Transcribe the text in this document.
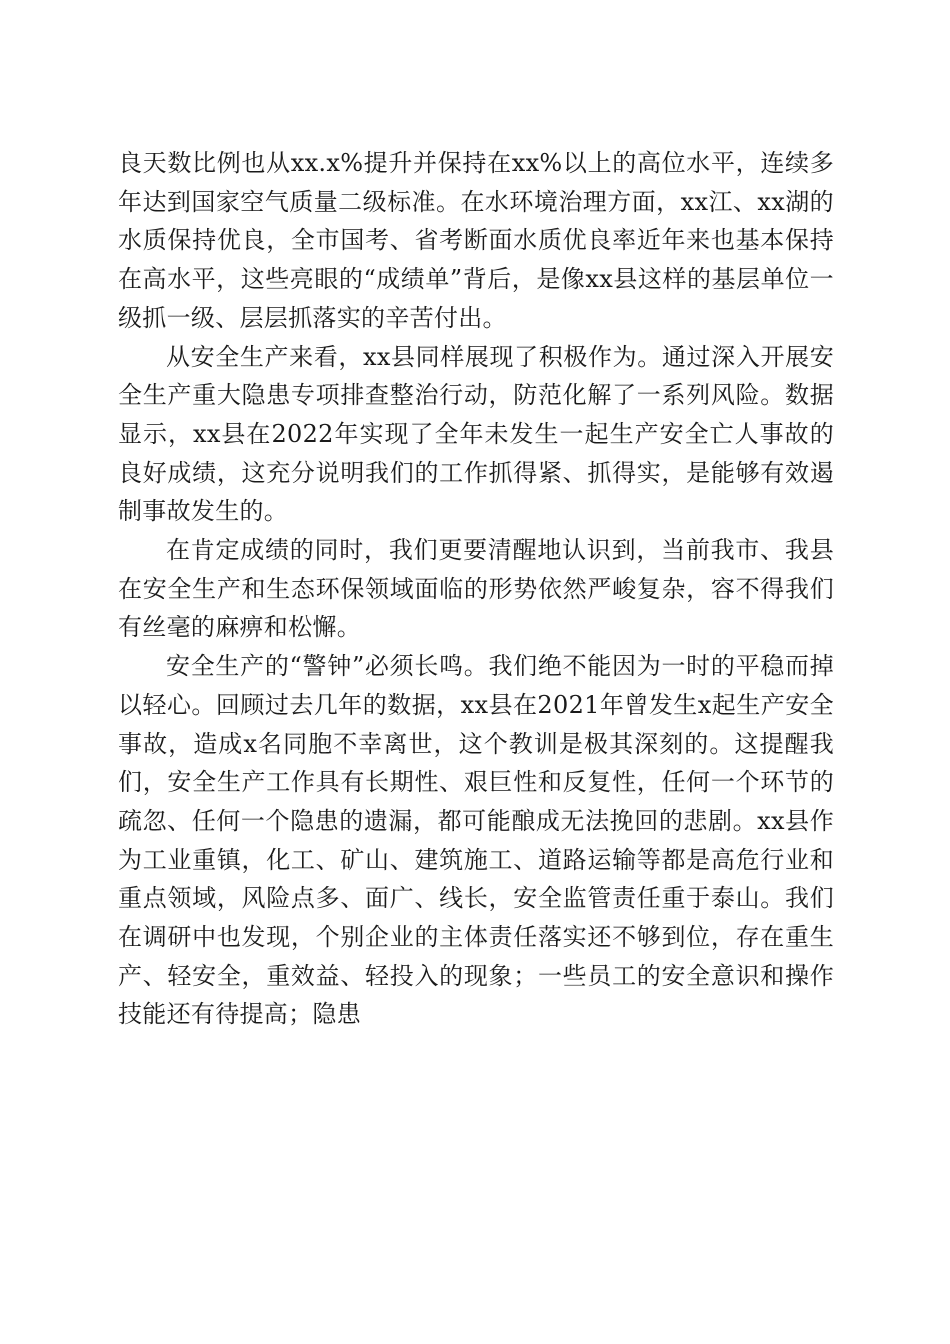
良天数比例也从xx.x%提升并保持在xx%以上的高位水平，连续多年达到国家空气质量二级标准。在水环境治理方面，xx江、xx湖的水质保持优良，全市国考、省考断面水质优良率近年来也基本保持在高水平，这些亮眼的“成绩单”背后，是像xx县这样的基层单位一级抓一级、层层抓落实的辛苦付出。

从安全生产来看，xx县同样展现了积极作为。通过深入开展安全生产重大隐患专项排查整治行动，防范化解了一系列风险。数据显示，xx县在2022年实现了全年未发生一起生产安全亡人事故的良好成绩，这充分说明我们的工作抓得紧、抓得实，是能够有效遏制事故发生的。

在肯定成绩的同时，我们更要清醒地认识到，当前我市、我县在安全生产和生态环保领域面临的形势依然严峻复杂，容不得我们有丝毫的麻痹和松懈。

安全生产的“警钟”必须长鸣。我们绝不能因为一时的平稳而掉以轻心。回顾过去几年的数据，xx县在2021年曾发生x起生产安全事故，造成x名同胞不幸离世，这个教训是极其深刻的。这提醒我们，安全生产工作具有长期性、艰巨性和反复性，任何一个环节的疏忽、任何一个隐患的遗漏，都可能酿成无法挽回的悲剧。xx县作为工业重镇，化工、矿山、建筑施工、道路运输等都是高危行业和重点领域，风险点多、面广、线长，安全监管责任重于泰山。我们在调研中也发现，个别企业的主体责任落实还不够到位，存在重生产、轻安全，重效益、轻投入的现象；一些员工的安全意识和操作技能还有待提高；隐患
